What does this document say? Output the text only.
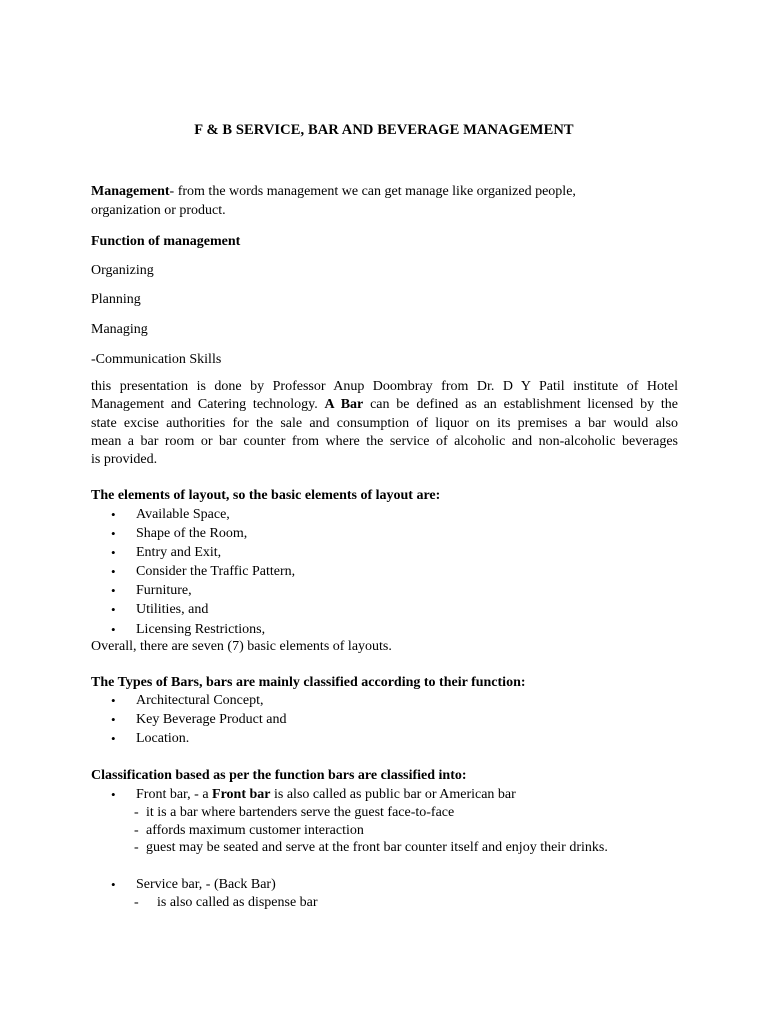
F & B SERVICE, BAR AND BEVERAGE MANAGEMENT
Management- from the words management we can get manage like organized people,
organization or product.
Function of management
Organizing
Planning
Managing
-Communication Skills
this presentation is done by Professor Anup Doombray from Dr. D Y Patil institute of Hotel
Management and Catering technology. A Bar can be defined as an establishment licensed by the
state excise authorities for the sale and consumption of liquor on its premises a bar would also
mean a bar room or bar counter from where the service of alcoholic and non-alcoholic beverages
is provided.
The elements of layout, so the basic elements of layout are:
• Available Space,
• Shape of the Room,
• Entry and Exit,
• Consider the Traffic Pattern,
• Furniture,
• Utilities, and
• Licensing Restrictions,
Overall, there are seven (7) basic elements of layouts.
The Types of Bars, bars are mainly classified according to their function:
• Architectural Concept,
• Key Beverage Product and
• Location.
Classification based as per the function bars are classified into:
• Front bar, - a Front bar is also called as public bar or American bar
- it is a bar where bartenders serve the guest face-to-face
- affords maximum customer interaction
- guest may be seated and serve at the front bar counter itself and enjoy their drinks.
• Service bar, - (Back Bar)
-	is also called as dispense bar
